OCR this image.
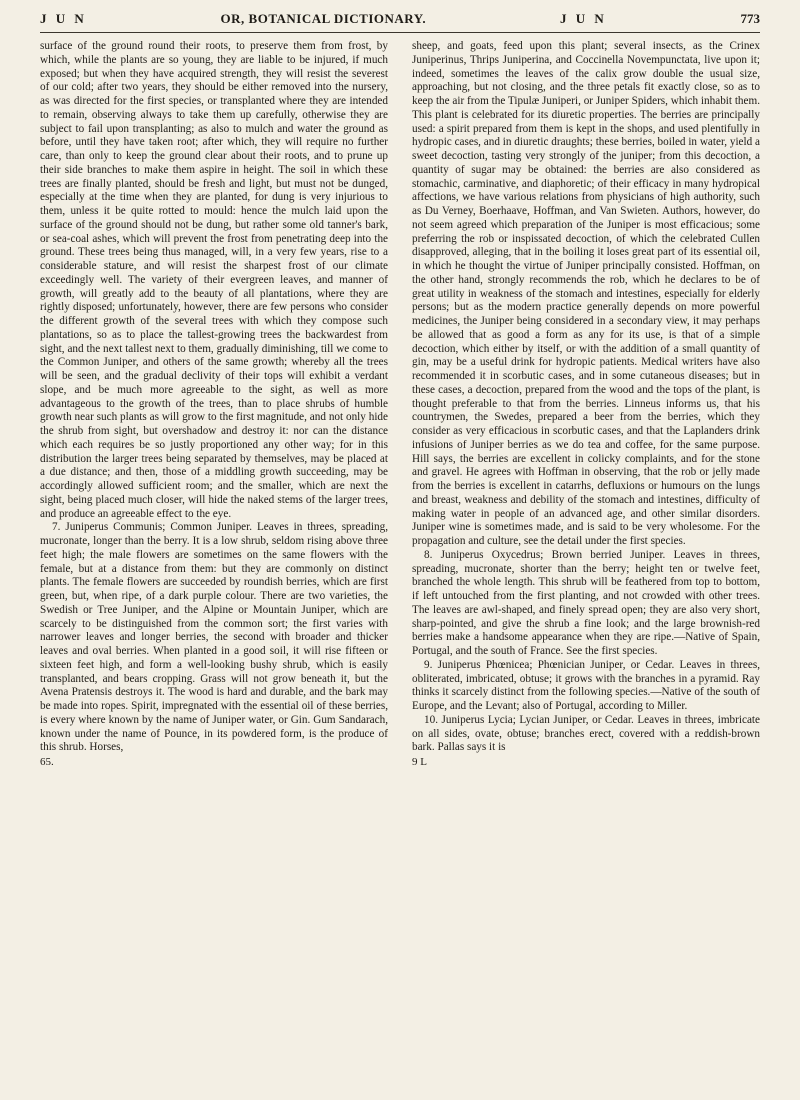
J U N	OR, BOTANICAL DICTIONARY.	J U N	773

surface of the ground round their roots, to preserve them from frost, by which, while the plants are so young, they are liable to be injured, if much exposed; but when they have acquired strength, they will resist the severest of our cold; after two years, they should be either removed into the nursery, as was directed for the first species, or transplanted where they are intended to remain, observing always to take them up carefully, otherwise they are subject to fail upon transplanting; as also to mulch and water the ground as before, until they have taken root; after which, they will require no further care, than only to keep the ground clear about their roots, and to prune up their side branches to make them aspire in height. The soil in which these trees are finally planted, should be fresh and light, but must not be dunged, especially at the time when they are planted, for dung is very injurious to them, unless it be quite rotted to mould: hence the mulch laid upon the surface of the ground should not be dung, but rather some old tanner's bark, or sea-coal ashes, which will prevent the frost from penetrating deep into the ground. These trees being thus managed, will, in a very few years, rise to a considerable stature, and will resist the sharpest frost of our climate exceedingly well. The variety of their evergreen leaves, and manner of growth, will greatly add to the beauty of all plantations, where they are rightly disposed; unfortunately, however, there are few persons who consider the different growth of the several trees with which they compose such plantations, so as to place the tallest-growing trees the backwardest from sight, and the next tallest next to them, gradually diminishing, till we come to the Common Juniper, and others of the same growth; whereby all the trees will be seen, and the gradual declivity of their tops will exhibit a verdant slope, and be much more agreeable to the sight, as well as more advantageous to the growth of the trees, than to place shrubs of humble growth near such plants as will grow to the first magnitude, and not only hide the shrub from sight, but overshadow and destroy it: nor can the distance which each requires be so justly proportioned any other way; for in this distribution the larger trees being separated by themselves, may be placed at a due distance; and then, those of a middling growth succeeding, may be accordingly allowed sufficient room; and the smaller, which are next the sight, being placed much closer, will hide the naked stems of the larger trees, and produce an agreeable effect to the eye.

7. Juniperus Communis; Common Juniper. Leaves in threes, spreading, mucronate, longer than the berry. It is a low shrub, seldom rising above three feet high; the male flowers are sometimes on the same flowers with the female, but at a distance from them: but they are commonly on distinct plants. The female flowers are succeeded by roundish berries, which are first green, but, when ripe, of a dark purple colour. There are two varieties, the Swedish or Tree Juniper, and the Alpine or Mountain Juniper, which are scarcely to be distinguished from the common sort; the first varies with narrower leaves and longer berries, the second with broader and thicker leaves and oval berries. When planted in a good soil, it will rise fifteen or sixteen feet high, and form a well-looking bushy shrub, which is easily transplanted, and bears cropping. Grass will not grow beneath it, but the Avena Pratensis destroys it. The wood is hard and durable, and the bark may be made into ropes. Spirit, impregnated with the essential oil of these berries, is every where known by the name of Juniper water, or Gin. Gum Sandarach, known under the name of Pounce, in its powdered form, is the produce of this shrub. Horses,

65.

sheep, and goats, feed upon this plant; several insects, as the Crinex Juniperinus, Thrips Juniperina, and Coccinella Novempunctata, live upon it; indeed, sometimes the leaves of the calix grow double the usual size, approaching, but not closing, and the three petals fit exactly close, so as to keep the air from the Tipulæ Juniperi, or Juniper Spiders, which inhabit them. This plant is celebrated for its diuretic properties. The berries are principally used: a spirit prepared from them is kept in the shops, and used plentifully in hydropic cases, and in diuretic draughts; these berries, boiled in water, yield a sweet decoction, tasting very strongly of the juniper; from this decoction, a quantity of sugar may be obtained: the berries are also considered as stomachic, carminative, and diaphoretic; of their efficacy in many hydropical affections, we have various relations from physicians of high authority, such as Du Verney, Boerhaave, Hoffman, and Van Swieten. Authors, however, do not seem agreed which preparation of the Juniper is most efficacious; some preferring the rob or inspissated decoction, of which the celebrated Cullen disapproved, alleging, that in the boiling it loses great part of its essential oil, in which he thought the virtue of Juniper principally consisted. Hoffman, on the other hand, strongly recommends the rob, which he declares to be of great utility in weakness of the stomach and intestines, especially for elderly persons; but as the modern practice generally depends on more powerful medicines, the Juniper being considered in a secondary view, it may perhaps be allowed that as good a form as any for its use, is that of a simple decoction, which either by itself, or with the addition of a small quantity of gin, may be a useful drink for hydropic patients. Medical writers have also recommended it in scorbutic cases, and in some cutaneous diseases; but in these cases, a decoction, prepared from the wood and the tops of the plant, is thought preferable to that from the berries. Linneus informs us, that his countrymen, the Swedes, prepared a beer from the berries, which they consider as very efficacious in scorbutic cases, and that the Laplanders drink infusions of Juniper berries as we do tea and coffee, for the same purpose. Hill says, the berries are excellent in colicky complaints, and for the stone and gravel. He agrees with Hoffman in observing, that the rob or jelly made from the berries is excellent in catarrhs, defluxions or humours on the lungs and breast, weakness and debility of the stomach and intestines, difficulty of making water in people of an advanced age, and other similar disorders. Juniper wine is sometimes made, and is said to be very wholesome. For the propagation and culture, see the detail under the first species.

8. Juniperus Oxycedrus; Brown berried Juniper. Leaves in threes, spreading, mucronate, shorter than the berry; height ten or twelve feet, branched the whole length. This shrub will be feathered from top to bottom, if left untouched from the first planting, and not crowded with other trees. The leaves are awl-shaped, and finely spread open; they are also very short, sharp-pointed, and give the shrub a fine look; and the large brownish-red berries make a handsome appearance when they are ripe.—Native of Spain, Portugal, and the south of France. See the first species.

9. Juniperus Phœnicea; Phœnician Juniper, or Cedar. Leaves in threes, obliterated, imbricated, obtuse; it grows with the branches in a pyramid. Ray thinks it scarcely distinct from the following species.—Native of the south of Europe, and the Levant; also of Portugal, according to Miller.

10. Juniperus Lycia; Lycian Juniper, or Cedar. Leaves in threes, imbricate on all sides, ovate, obtuse; branches erect, covered with a reddish-brown bark. Pallas says it is

9 L
